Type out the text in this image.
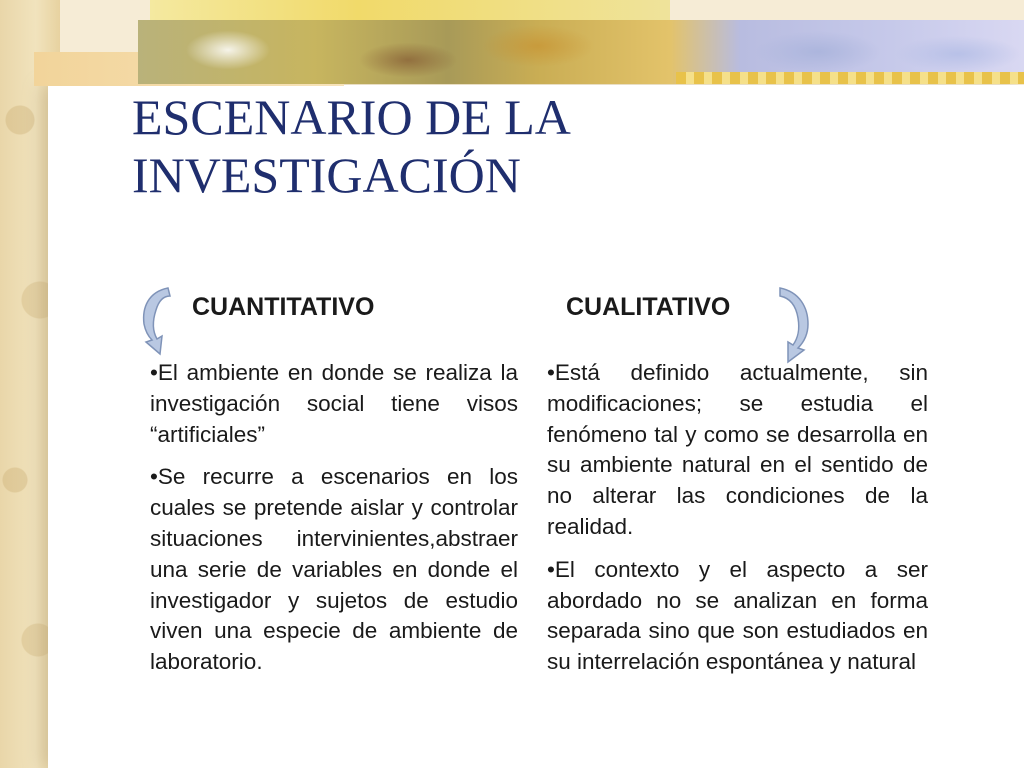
ESCENARIO DE LA
INVESTIGACIÓN
CUANTITATIVO	CUALITATIVO

•El ambiente en donde se realiza la investigación social tiene visos “artificiales”

•Se recurre a escenarios en los cuales se pretende aislar y controlar situaciones intervinientes,abstraer una serie de variables en donde el investigador y sujetos de estudio viven una especie de ambiente de laboratorio.

•Está definido actualmente, sin modificaciones; se estudia el fenómeno tal y como se desarrolla en su ambiente natural en el sentido de no alterar las condiciones de la realidad.

•El contexto y el aspecto a ser abordado no se analizan en forma separada sino que son estudiados en su interrelación espontánea y natural
